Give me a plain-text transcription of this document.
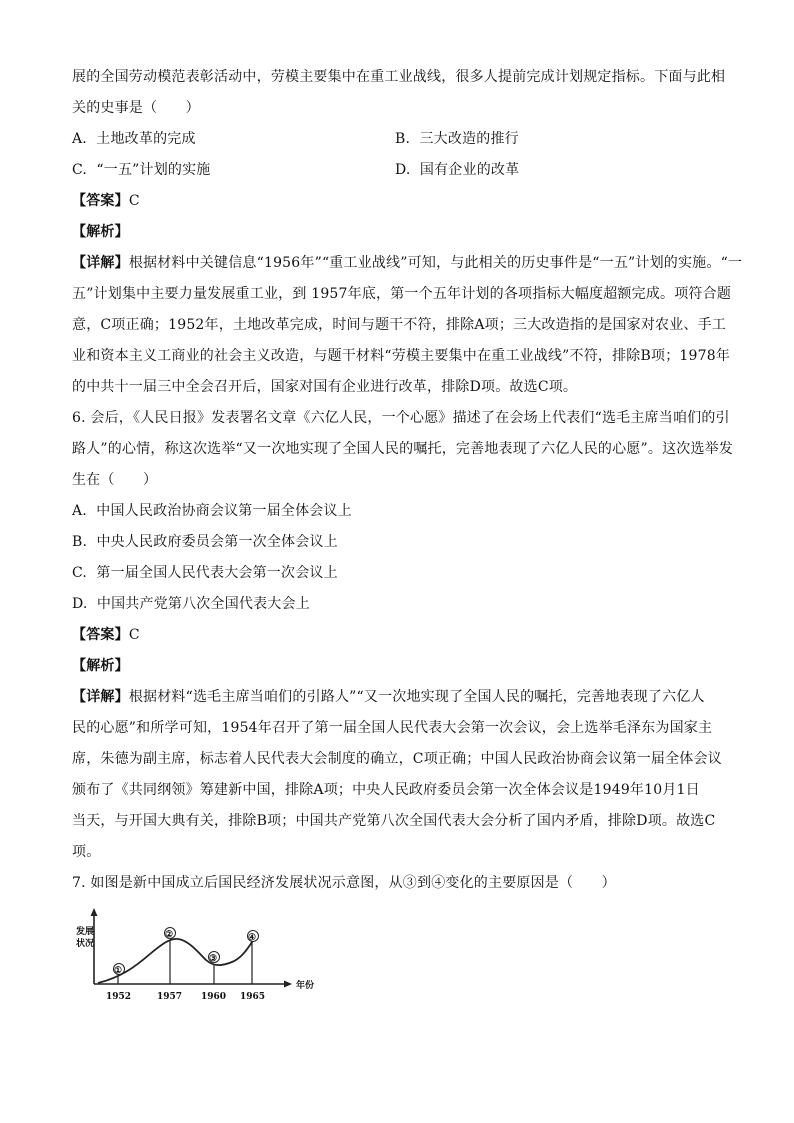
展的全国劳动模范表彰活动中，劳模主要集中在重工业战线，很多人提前完成计划规定指标。下面与此相
关的史事是（　　）
A. 土地改革的完成	B. 三大改造的推行
C. “一五”计划的实施	D. 国有企业的改革
【答案】C
【解析】
【详解】根据材料中关键信息“1956年”“重工业战线”可知，与此相关的历史事件是“一五”计划的实施。“一
五”计划集中主要力量发展重工业，到 1957年底，第一个五年计划的各项指标大幅度超额完成。项符合题
意，C项正确；1952年，土地改革完成，时间与题干不符，排除A项；三大改造指的是国家对农业、手工
业和资本主义工商业的社会主义改造，与题干材料“劳模主要集中在重工业战线”不符，排除B项；1978年
的中共十一届三中全会召开后，国家对国有企业进行改革，排除D项。故选C项。
6. 会后，《人民日报》发表署名文章《六亿人民，一个心愿》描述了在会场上代表们“选毛主席当咱们的引
路人”的心情，称这次选举“又一次地实现了全国人民的嘱托，完善地表现了六亿人民的心愿”。这次选举发
生在（　　）
A. 中国人民政治协商会议第一届全体会议上
B. 中央人民政府委员会第一次全体会议上
C. 第一届全国人民代表大会第一次会议上
D. 中国共产党第八次全国代表大会上
【答案】C
【解析】
【详解】根据材料“选毛主席当咱们的引路人”“又一次地实现了全国人民的嘱托，完善地表现了六亿人
民的心愿”和所学可知，1954年召开了第一届全国人民代表大会第一次会议，会上选举毛泽东为国家主
席，朱德为副主席，标志着人民代表大会制度的确立，C项正确；中国人民政治协商会议第一届全体会议
颁布了《共同纲领》筹建新中国，排除A项；中央人民政府委员会第一次全体会议是1949年10月1日
当天，与开国大典有关，排除B项；中国共产党第八次全国代表大会分析了国内矛盾，排除D项。故选C
项。
7. 如图是新中国成立后国民经济发展状况示意图，从③到④变化的主要原因是（　　）
发 展
状 况
①
②
③
④
1952	1957 1960 1965
年份
